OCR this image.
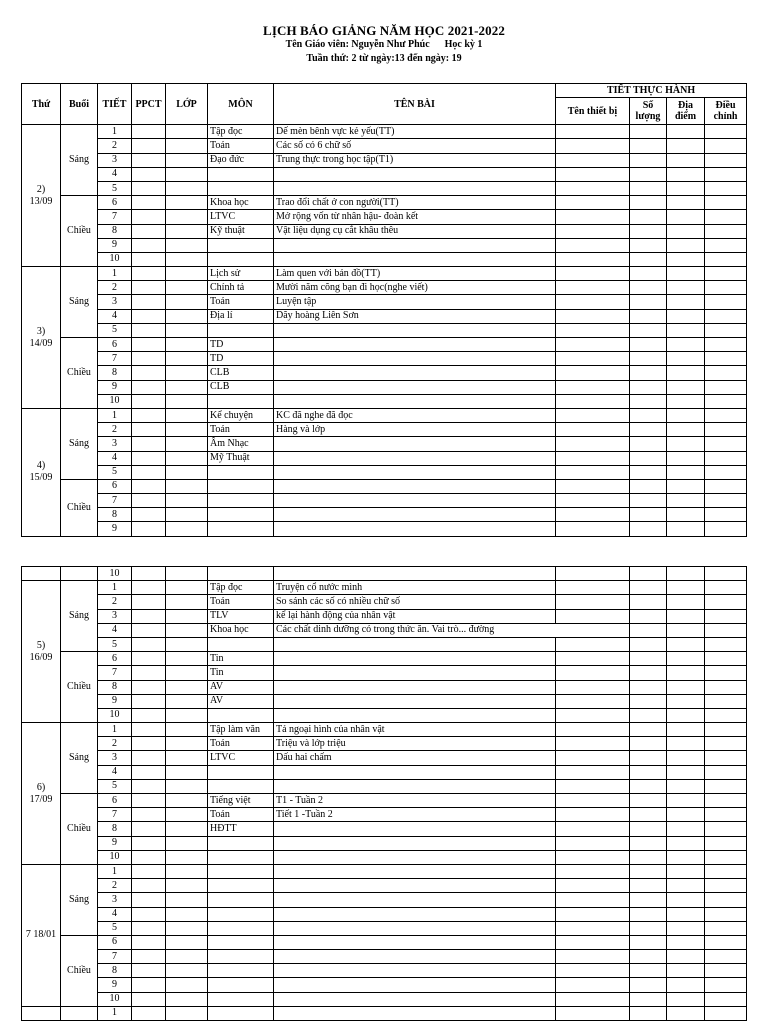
LỊCH BÁO GIẢNG NĂM HỌC 2021-2022
Tên Giáo viên: Nguyễn Như Phúc      Học kỳ 1
Tuần thứ: 2 từ ngày:13 đến ngày: 19
Thứ	Buổi	TIẾT	PPCT	LỚP	MÔN	TÊN BÀI	TIẾT THỰC HÀNH			
							Tên thiết bị	Số lượng	Địa điểm	Điều chỉnh
2)
13/09	Sáng	1			Tập đọc	Dế mèn bênh vực kẻ yếu(TT)				
		2			Toán	Các số có 6 chữ số				
		3			Đạo đức	Trung thực trong học tập(T1)				
		4								
		5								
	Chiều	6			Khoa học	Trao đổi chất ở con người(TT)				
		7			LTVC	Mở rộng vốn từ nhân hậu- đoàn kết				
		8			Kỹ thuật	Vật liệu dụng cụ cắt khâu thêu				
		9								
		10								
3)
14/09	Sáng	1			Lịch sử	Làm quen với bản đồ(TT)				
		2			Chính tả	Mười năm cõng bạn đi học(nghe viết)				
		3			Toán	Luyện tập				
		4			Địa lí	Dãy hoàng Liên Sơn				
		5								
	Chiều	6			TD					
		7			TD					
		8			CLB					
		9			CLB					
		10								
4)
15/09	Sáng	1			Kể chuyện	KC đã nghe đã đọc				
		2			Toán	Hàng và lớp				
		3			Âm Nhạc					
		4			Mỹ Thuật					
		5								
	Chiều	6								
		7								
		8								
		9								
		10								
5)
16/09	Sáng	1			Tập đọc	Truyện cổ nước mình				
		2			Toán	So sánh các số có nhiều chữ số				
		3			TLV	kể lại hành động của nhân vật				
		4			Khoa học	Các chất dinh dưỡng có trong thức ăn. Vai trò... đường				
		5								
	Chiều	6			Tin					
		7			Tin					
		8			AV					
		9			AV					
		10								
6)
17/09	Sáng	1			Tập làm văn	Tả ngoại hình của nhân vật				
		2			Toán	Triệu và lớp triệu				
		3			LTVC	Dấu hai chấm				
		4								
		5								
	Chiều	6			Tiếng việt	T1 - Tuần 2				
		7			Toán	Tiết 1 -Tuần 2				
		8			HĐTT					
		9								
		10								
7 18/01	Sáng	1								
		2								
		3								
		4								
		5								
	Chiều	6								
		7								
		8								
		9								
		10								
		1								
